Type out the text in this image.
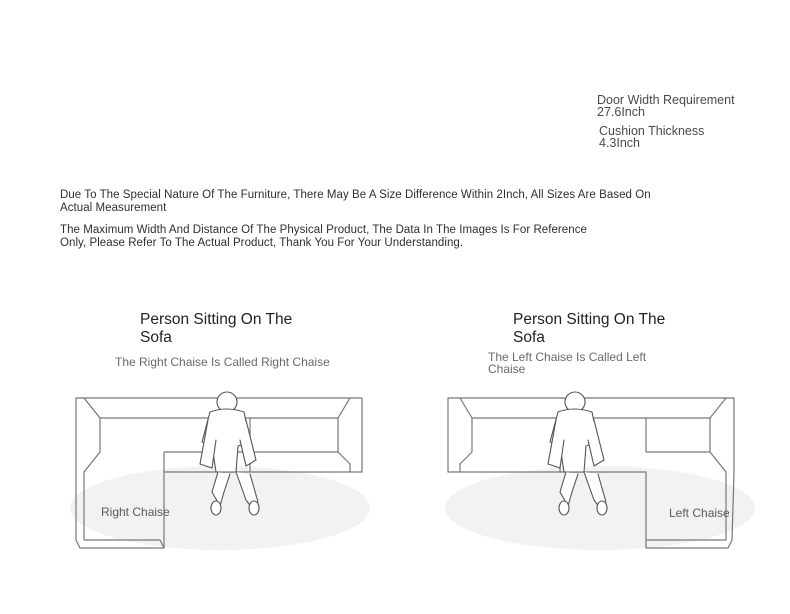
Door Width Requirement 27.6Inch
Cushion Thickness 4.3Inch
Due To The Special Nature Of The Furniture, There May Be A Size Difference Within 2Inch, All Sizes Are Based On Actual Measurement
The Maximum Width And Distance Of The Physical Product, The Data In The Images Is For Reference Only, Please Refer To The Actual Product, Thank You For Your Understanding.
Person Sitting On The Sofa
The Right Chaise Is Called Right Chaise
Right Chaise
Person Sitting On The Sofa
The Left Chaise Is Called Left Chaise
Left Chaise
